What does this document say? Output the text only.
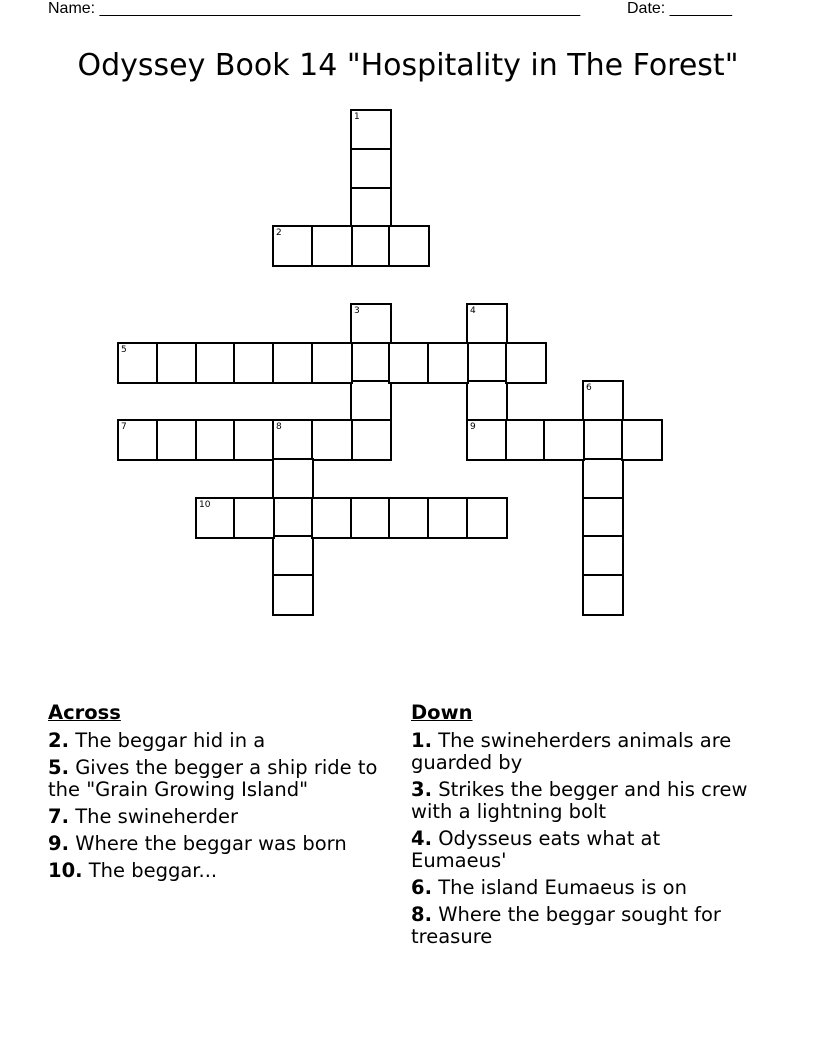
Name: ______________________________________________________	Date: _______
Odyssey Book 14 "Hospitality in The Forest"
1
2
3	4
9
5
6
7	8
10
Across
2. The beggar hid in a
5. Gives the begger a ship ride to the "Grain Growing Island"
7. The swineherder
9. Where the beggar was born
10. The beggar...
Down
1. The swineherders animals are guarded by
3. Strikes the begger and his crew with a lightning bolt
4. Odysseus eats what at Eumaeus'
6. The island Eumaeus is on
8. Where the beggar sought for treasure
